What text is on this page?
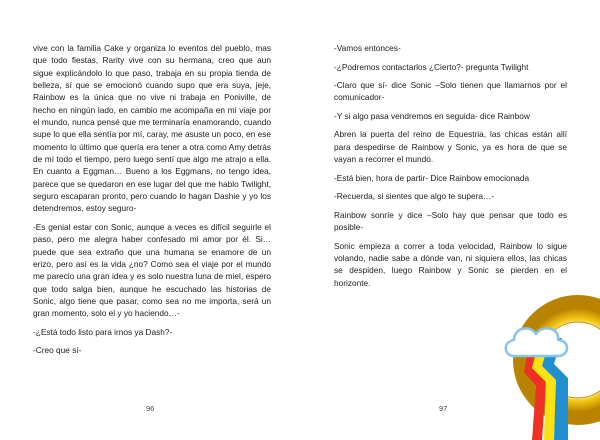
vive con la familia Cake y organiza lo eventos del pueblo, mas que todo fiestas, Rarity vive con su hermana, creo que aun sigue explicándolo lo que paso, trabaja en su propia tienda de belleza, sí que se emocionó cuando supo que era suya, jeje, Rainbow es la única que no vive ni trabaja en Poniville, de hecho en ningún lado, en cambio me acompaña en mi viaje por el mundo, nunca pensé que me terminaría enamorando, cuando supe lo que ella sentía por mí, caray, me asuste un poco, en ese momento lo último que quería era tener a otra como Amy detrás de mí todo el tiempo, pero luego sentí que algo me atrajo a ella. En cuanto a Eggman… Bueno a los Eggmans, no tengo idea, parece que se quedaron en ese lugar del que me hablo Twilight, seguro escaparan pronto, pero cuando lo hagan Dashie y yo los detendremos, estoy seguro-

-Es genial estar con Sonic, aunque a veces es difícil seguirle el paso, pero me alegra haber confesado mi amor por él. Si… puede que sea extraño que una humana se enamore de un erizo, pero así es la vida ¿no? Como sea el viaje por el mundo me parecio una gran idea y es solo nuestra luna de miel, espero que todo salga bien, aunque he escuchado las historias de Sonic, algo tiene que pasar, como sea no me importa, será un gran momento, solo el y yo haciendo…-

-¿Está todo listo para irnos ya Dash?-

-Creo que sí-

96

-Vamos entonces-

-¿Podremos contactarlos ¿Cierto?- pregunta Twilight

-Claro que sí- dice Sonic –Solo tienen que llamarnos por el comunicador-

-Y si algo pasa vendremos en seguida- dice Rainbow

Abren la puerta del reino de Equestria, las chicas están allí para despedirse de Rainbow y Sonic, ya es hora de que se vayan a recorrer el mundo.

-Está bien, hora de partir- Dice Rainbow emocionada

-Recuerda, si sientes que algo te supera…-

Rainbow sonríe y dice –Solo hay que pensar que todo es posible-

Sonic empieza a correr a toda velocidad, Rainbow lo sigue volando, nadie sabe a dónde van, ni siquiera ellos, las chicas se despiden, luego Rainbow y Sonic se pierden en el horizonte.

97
